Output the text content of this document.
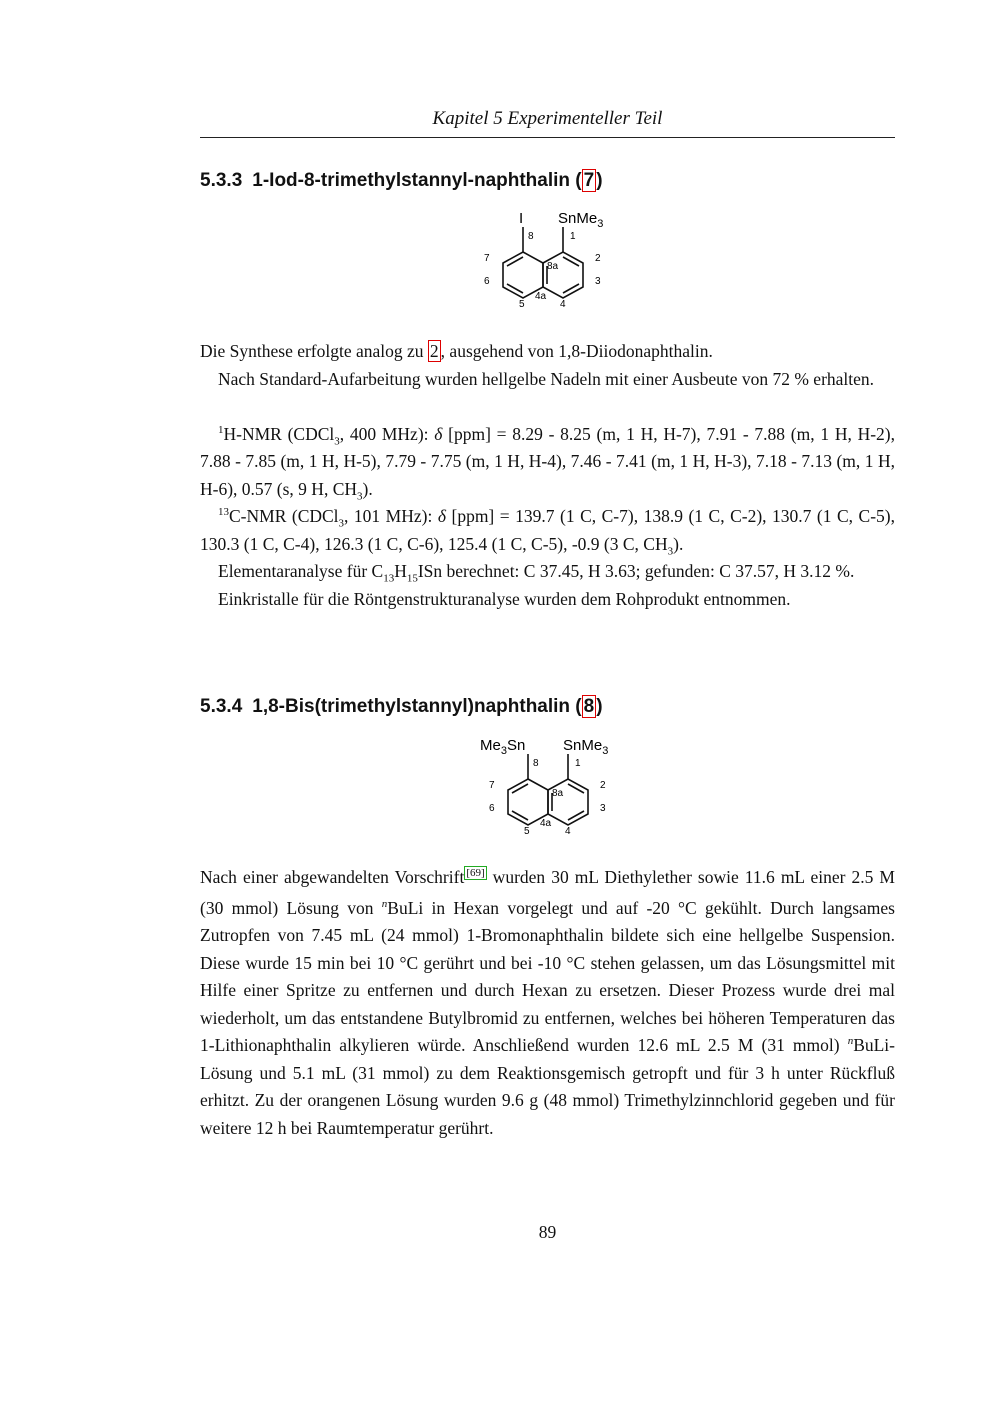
Kapitel 5 Experimenteller Teil
5.3.3 1-Iod-8-trimethylstannyl-naphthalin ( 7 )
I SnMe$_3$
8	1
7	2
8a
6	3
4a
5	4

Die Synthese erfolgte analog zu 2 , ausgehend von 1,8-Diiodonaphthalin.

Nach Standard-Aufarbeitung wurden hellgelbe Nadeln mit einer Ausbeute von 72 % erhalten.

$^1$H-NMR (CDCl$_3$, 400 MHz): δ [ppm] = 8.29 - 8.25 (m, 1 H, H-7), 7.91 - 7.88 (m, 1 H, H-2), 7.88 - 7.85 (m, 1 H, H-5), 7.79 - 7.75 (m, 1 H, H-4), 7.46 - 7.41 (m, 1 H, H-3), 7.18 - 7.13 (m, 1 H, H-6), 0.57 (s, 9 H, $CH_3$).

$^{13}$C-NMR (CDCl$_3$, 101 MHz): δ [ppm] = 139.7 (1 C, C-7), 138.9 (1 C, C-2), 130.7 (1 C, C-5), 130.3 (1 C, C-4), 126.3 (1 C, C-6), 125.4 (1 C, C-5), -0.9 (3 C, $CH_3$).

Elementaranalyse für $C_{13}H_{15}ISn$ berechnet: C 37.45, H 3.63; gefunden: C 37.57, H 3.12 %.

Einkristalle für die Röntgenstrukturanalyse wurden dem Rohprodukt entnommen.

5.3.4 1,8-Bis(trimethylstannyl)naphthalin ( 8 )
$Me_3Sn$	SnMe$_3$
8	1
7	2
8a
6	3
4a
5	4

Nach einer abgewandelten Vorschrift [69] wurden 30 mL Diethylether sowie 11.6 mL einer 2.5 M (30 mmol) Lösung von $^n$BuLi in Hexan vorgelegt und auf -20 °C gekühlt. Durch langsames Zutropfen von 7.45 mL (24 mmol) 1-Bromonaphthalin bildete sich eine hellgelbe Suspension. Diese wurde 15 min bei 10 °C gerührt und bei -10 °C stehen gelassen, um das Lösungsmittel mit Hilfe einer Spritze zu entfernen und durch Hexan zu ersetzen. Dieser Prozess wurde drei mal wiederholt, um das entstandene Butylbromid zu entfernen, welches bei höheren Temperaturen das 1-Lithionaphthalin alkylieren würde. Anschließend wurden 12.6 mL 2.5 M (31 mmol) $^n$BuLi-Lösung und 5.1 mL (31 mmol) zu dem Reaktionsgemisch getropft und für 3 h unter Rückfluß erhitzt. Zu der orangenen Lösung wurden 9.6 g (48 mmol) Trimethylzinnchlorid gegeben und für weitere 12 h bei Raumtemperatur gerührt.

89
